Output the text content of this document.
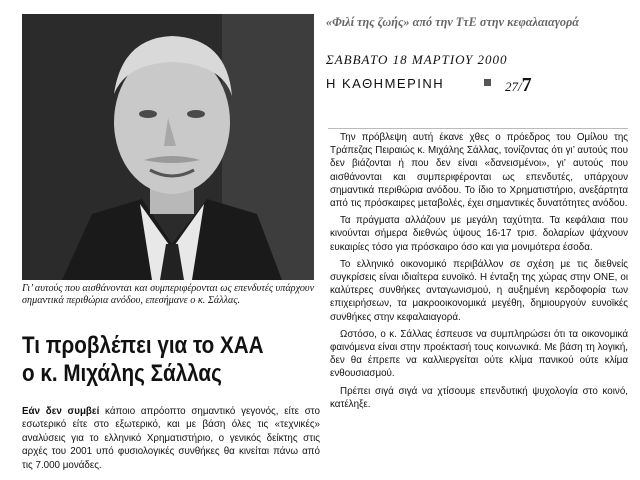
Γι’ αυτούς που αισθάνονται και συμπεριφέρονται ως επενδυτές υπάρχουν σημαντικά περιθώρια ανόδου, επεσήμανε ο κ. Σάλλας.

Τι προβλέπει για το ΧΑΑ
ο κ. Μιχάλης Σάλλας

Εάν δεν συμβεί κάποιο απρόοπτο σημαντικό γεγονός, είτε στο εσωτερικό είτε στο εξωτερικό, και με βάση όλες τις «τεχνικές» αναλύσεις για το ελληνικό Χρηματιστήριο, ο γενικός δείκτης στις αρχές του 2001 υπό φυσιολογικές συνθήκες θα κινείται πάνω από τις 7.000 μονάδες.

«Φιλί της ζωής» από την ΤτΕ στην κεφαλαιαγορά

ΣΑΒΒΑΤΟ 18 ΜΑΡΤΙΟΥ 2000

Η ΚΑΘΗΜΕΡΙΝΗ	27/7

Την πρόβλεψη αυτή έκανε χθες ο πρόεδρος του Ομίλου της Τράπεζας Πειραιώς κ. Μιχάλης Σάλλας, τονίζοντας ότι γι’ αυτούς που δεν βιάζονται ή που δεν είναι «δανεισμένοι», γι’ αυτούς που αισθάνονται και συμπεριφέρονται ως επενδυτές, υπάρχουν σημαντικά περιθώρια ανόδου. Το ίδιο το Χρηματιστήριο, ανεξάρτητα από τις πρόσκαιρες μεταβολές, έχει σημαντικές δυνατότητες ανόδου.

Τα πράγματα αλλάζουν με μεγάλη ταχύτητα. Τα κεφάλαια που κινούνται σήμερα διεθνώς ύψους 16-17 τρισ. δολαρίων ψάχνουν ευκαιρίες τόσο για πρόσκαιρο όσο και για μονιμότερα έσοδα.

Το ελληνικό οικονομικό περιβάλλον σε σχέση με τις διεθνείς συγκρίσεις είναι ιδιαίτερα ευνοϊκό. Η ένταξη της χώρας στην ΟΝΕ, οι καλύτερες συνθήκες ανταγωνισμού, η αυξημένη κερδοφορία των επιχειρήσεων, τα μακροοικονομικά μεγέθη, δημιουργούν ευνοϊκές συνθήκες στην κεφαλαιαγορά.

Ωστόσο, ο κ. Σάλλας έσπευσε να συμπληρώσει ότι τα οικονομικά φαινόμενα είναι στην προέκτασή τους κοινωνικά. Με βάση τη λογική, δεν θα έπρεπε να καλλιεργείται ούτε κλίμα πανικού ούτε κλίμα ενθουσιασμού.

Πρέπει σιγά σιγά να χτίσουμε επενδυτική ψυχολογία στο κοινό, κατέληξε.
